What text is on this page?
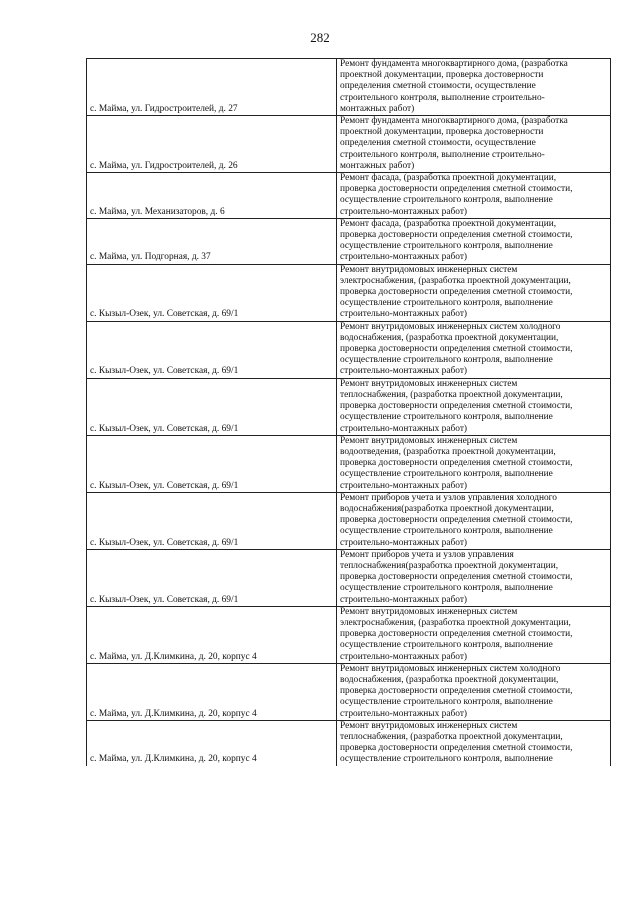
282
с. Майма, ул. Гидростроителей, д. 27	Ремонт фундамента многоквартирного дома, (разработка
проектной документации, проверка достоверности
определения сметной стоимости, осуществление
строительного контроля, выполнение строительно-
монтажных работ)

с. Майма, ул. Гидростроителей, д. 26	Ремонт фундамента многоквартирного дома, (разработка
проектной документации, проверка достоверности
определения сметной стоимости, осуществление
строительного контроля, выполнение строительно-
монтажных работ)

с. Майма, ул. Механизаторов, д. 6	Ремонт фасада, (разработка проектной документации,
проверка достоверности определения сметной стоимости,
осуществление строительного контроля, выполнение
строительно-монтажных работ)

с. Майма, ул. Подгорная, д. 37	Ремонт фасада, (разработка проектной документации,
проверка достоверности определения сметной стоимости,
осуществление строительного контроля, выполнение
строительно-монтажных работ)

с. Кызыл-Озек, ул. Советская, д. 69/1	Ремонт внутридомовых инженерных систем
электроснабжения, (разработка проектной документации,
проверка достоверности определения сметной стоимости,
осуществление строительного контроля, выполнение
строительно-монтажных работ)

с. Кызыл-Озек, ул. Советская, д. 69/1	Ремонт внутридомовых инженерных систем холодного
водоснабжения, (разработка проектной документации,
проверка достоверности определения сметной стоимости,
осуществление строительного контроля, выполнение
строительно-монтажных работ)

с. Кызыл-Озек, ул. Советская, д. 69/1	Ремонт внутридомовых инженерных систем
теплоснабжения, (разработка проектной документации,
проверка достоверности определения сметной стоимости,
осуществление строительного контроля, выполнение
строительно-монтажных работ)

с. Кызыл-Озек, ул. Советская, д. 69/1	Ремонт внутридомовых инженерных систем
водоотведения, (разработка проектной документации,
проверка достоверности определения сметной стоимости,
осуществление строительного контроля, выполнение
строительно-монтажных работ)

с. Кызыл-Озек, ул. Советская, д. 69/1	Ремонт приборов учета и узлов управления холодного
водоснабжения(разработка проектной документации,
проверка достоверности определения сметной стоимости,
осуществление строительного контроля, выполнение
строительно-монтажных работ)

с. Кызыл-Озек, ул. Советская, д. 69/1	Ремонт приборов учета и узлов управления
теплоснабжения(разработка проектной документации,
проверка достоверности определения сметной стоимости,
осуществление строительного контроля, выполнение
строительно-монтажных работ)

с. Майма, ул. Д.Климкина, д. 20, корпус 4	Ремонт внутридомовых инженерных систем
электроснабжения, (разработка проектной документации,
проверка достоверности определения сметной стоимости,
осуществление строительного контроля, выполнение
строительно-монтажных работ)

с. Майма, ул. Д.Климкина, д. 20, корпус 4	Ремонт внутридомовых инженерных систем холодного
водоснабжения, (разработка проектной документации,
проверка достоверности определения сметной стоимости,
осуществление строительного контроля, выполнение
строительно-монтажных работ)

с. Майма, ул. Д.Климкина, д. 20, корпус 4	Ремонт внутридомовых инженерных систем
теплоснабжения, (разработка проектной документации,
проверка достоверности определения сметной стоимости,
осуществление строительного контроля, выполнение
